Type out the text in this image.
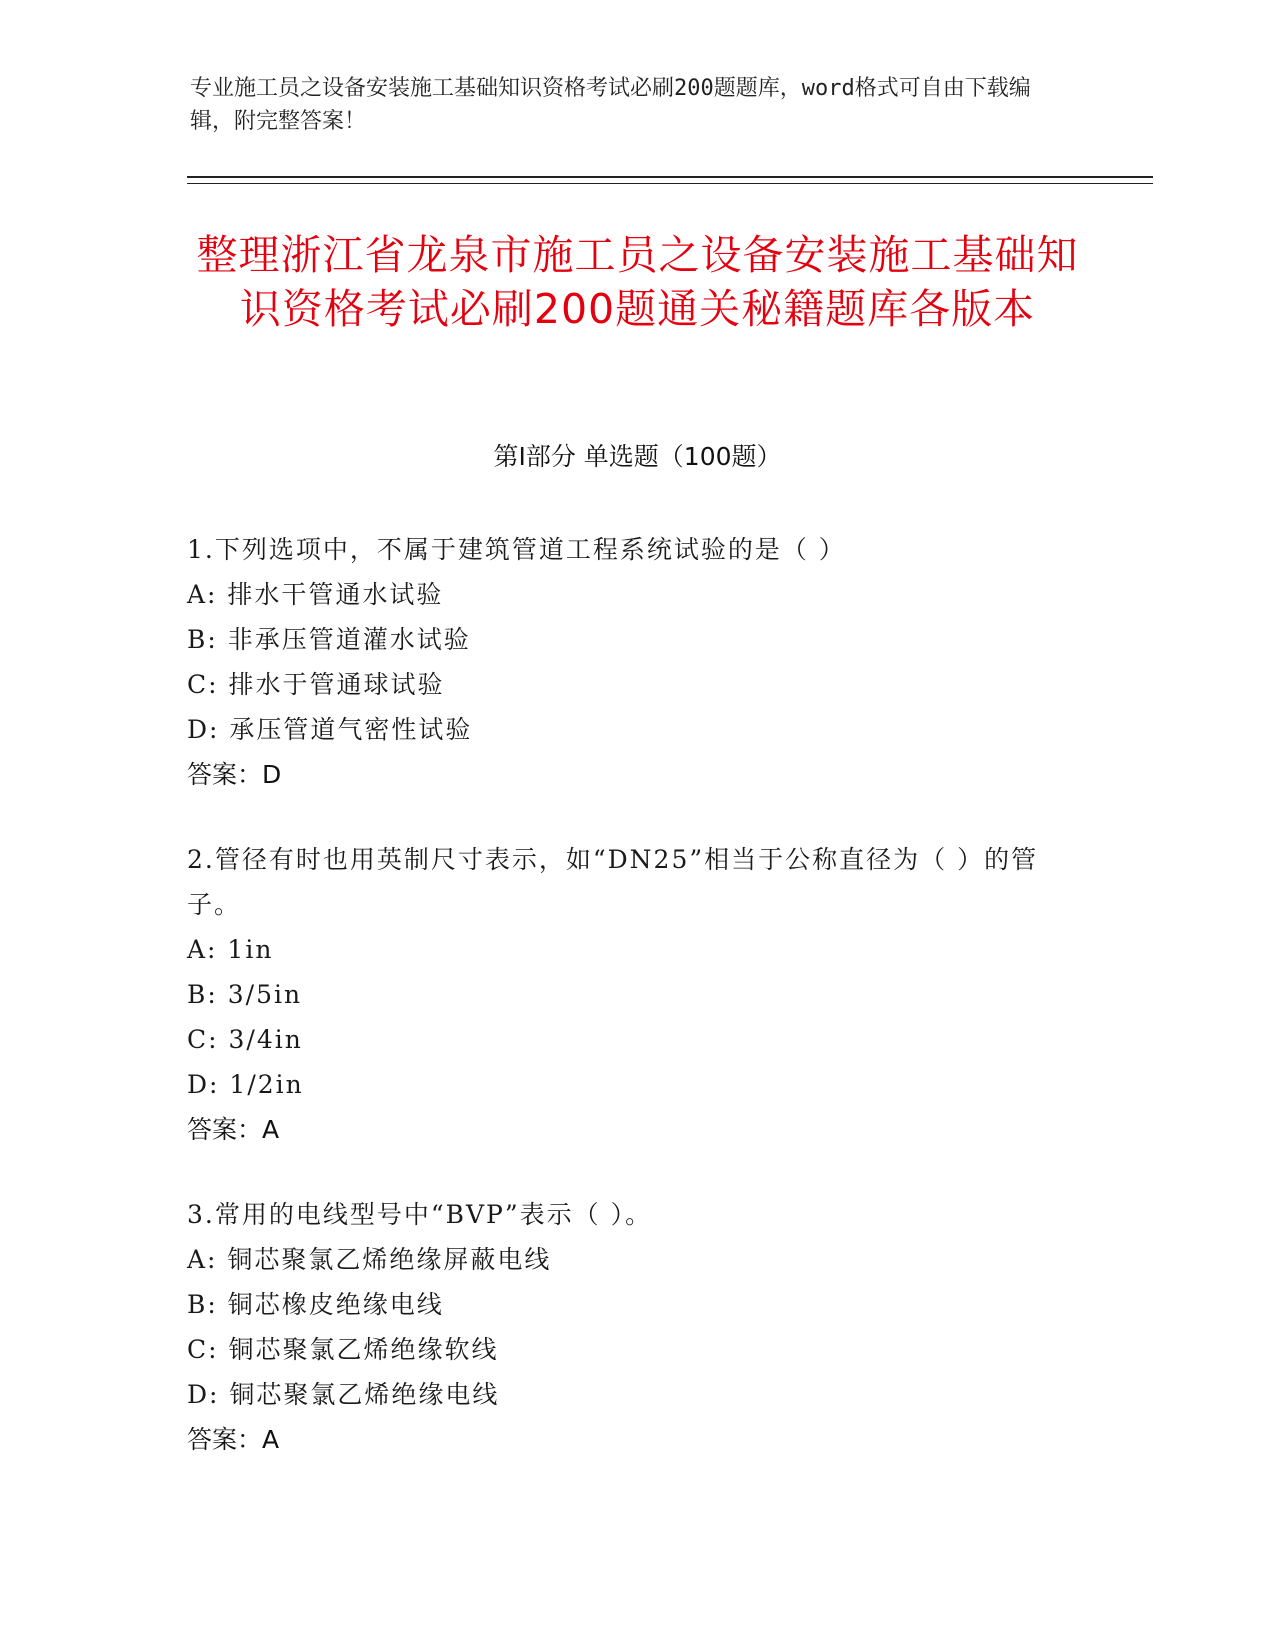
专业施工员之设备安装施工基础知识资格考试必刷200题题库，word格式可自由下载编辑，附完整答案！
整理浙江省龙泉市施工员之设备安装施工基础知识资格考试必刷200题通关秘籍题库各版本
第Ⅰ部分 单选题（100题）
1.下列选项中，不属于建筑管道工程系统试验的是（ ）
A: 排水干管通水试验
B: 非承压管道灌水试验
C: 排水于管通球试验
D: 承压管道气密性试验
答案：D
2.管径有时也用英制尺寸表示，如“DN25”相当于公称直径为（ ）的管子。
A: 1in
B: 3/5in
C: 3/4in
D: 1/2in
答案：A
3.常用的电线型号中“BVP”表示（ ）。
A: 铜芯聚氯乙烯绝缘屏蔽电线
B: 铜芯橡皮绝缘电线
C: 铜芯聚氯乙烯绝缘软线
D: 铜芯聚氯乙烯绝缘电线
答案：A
